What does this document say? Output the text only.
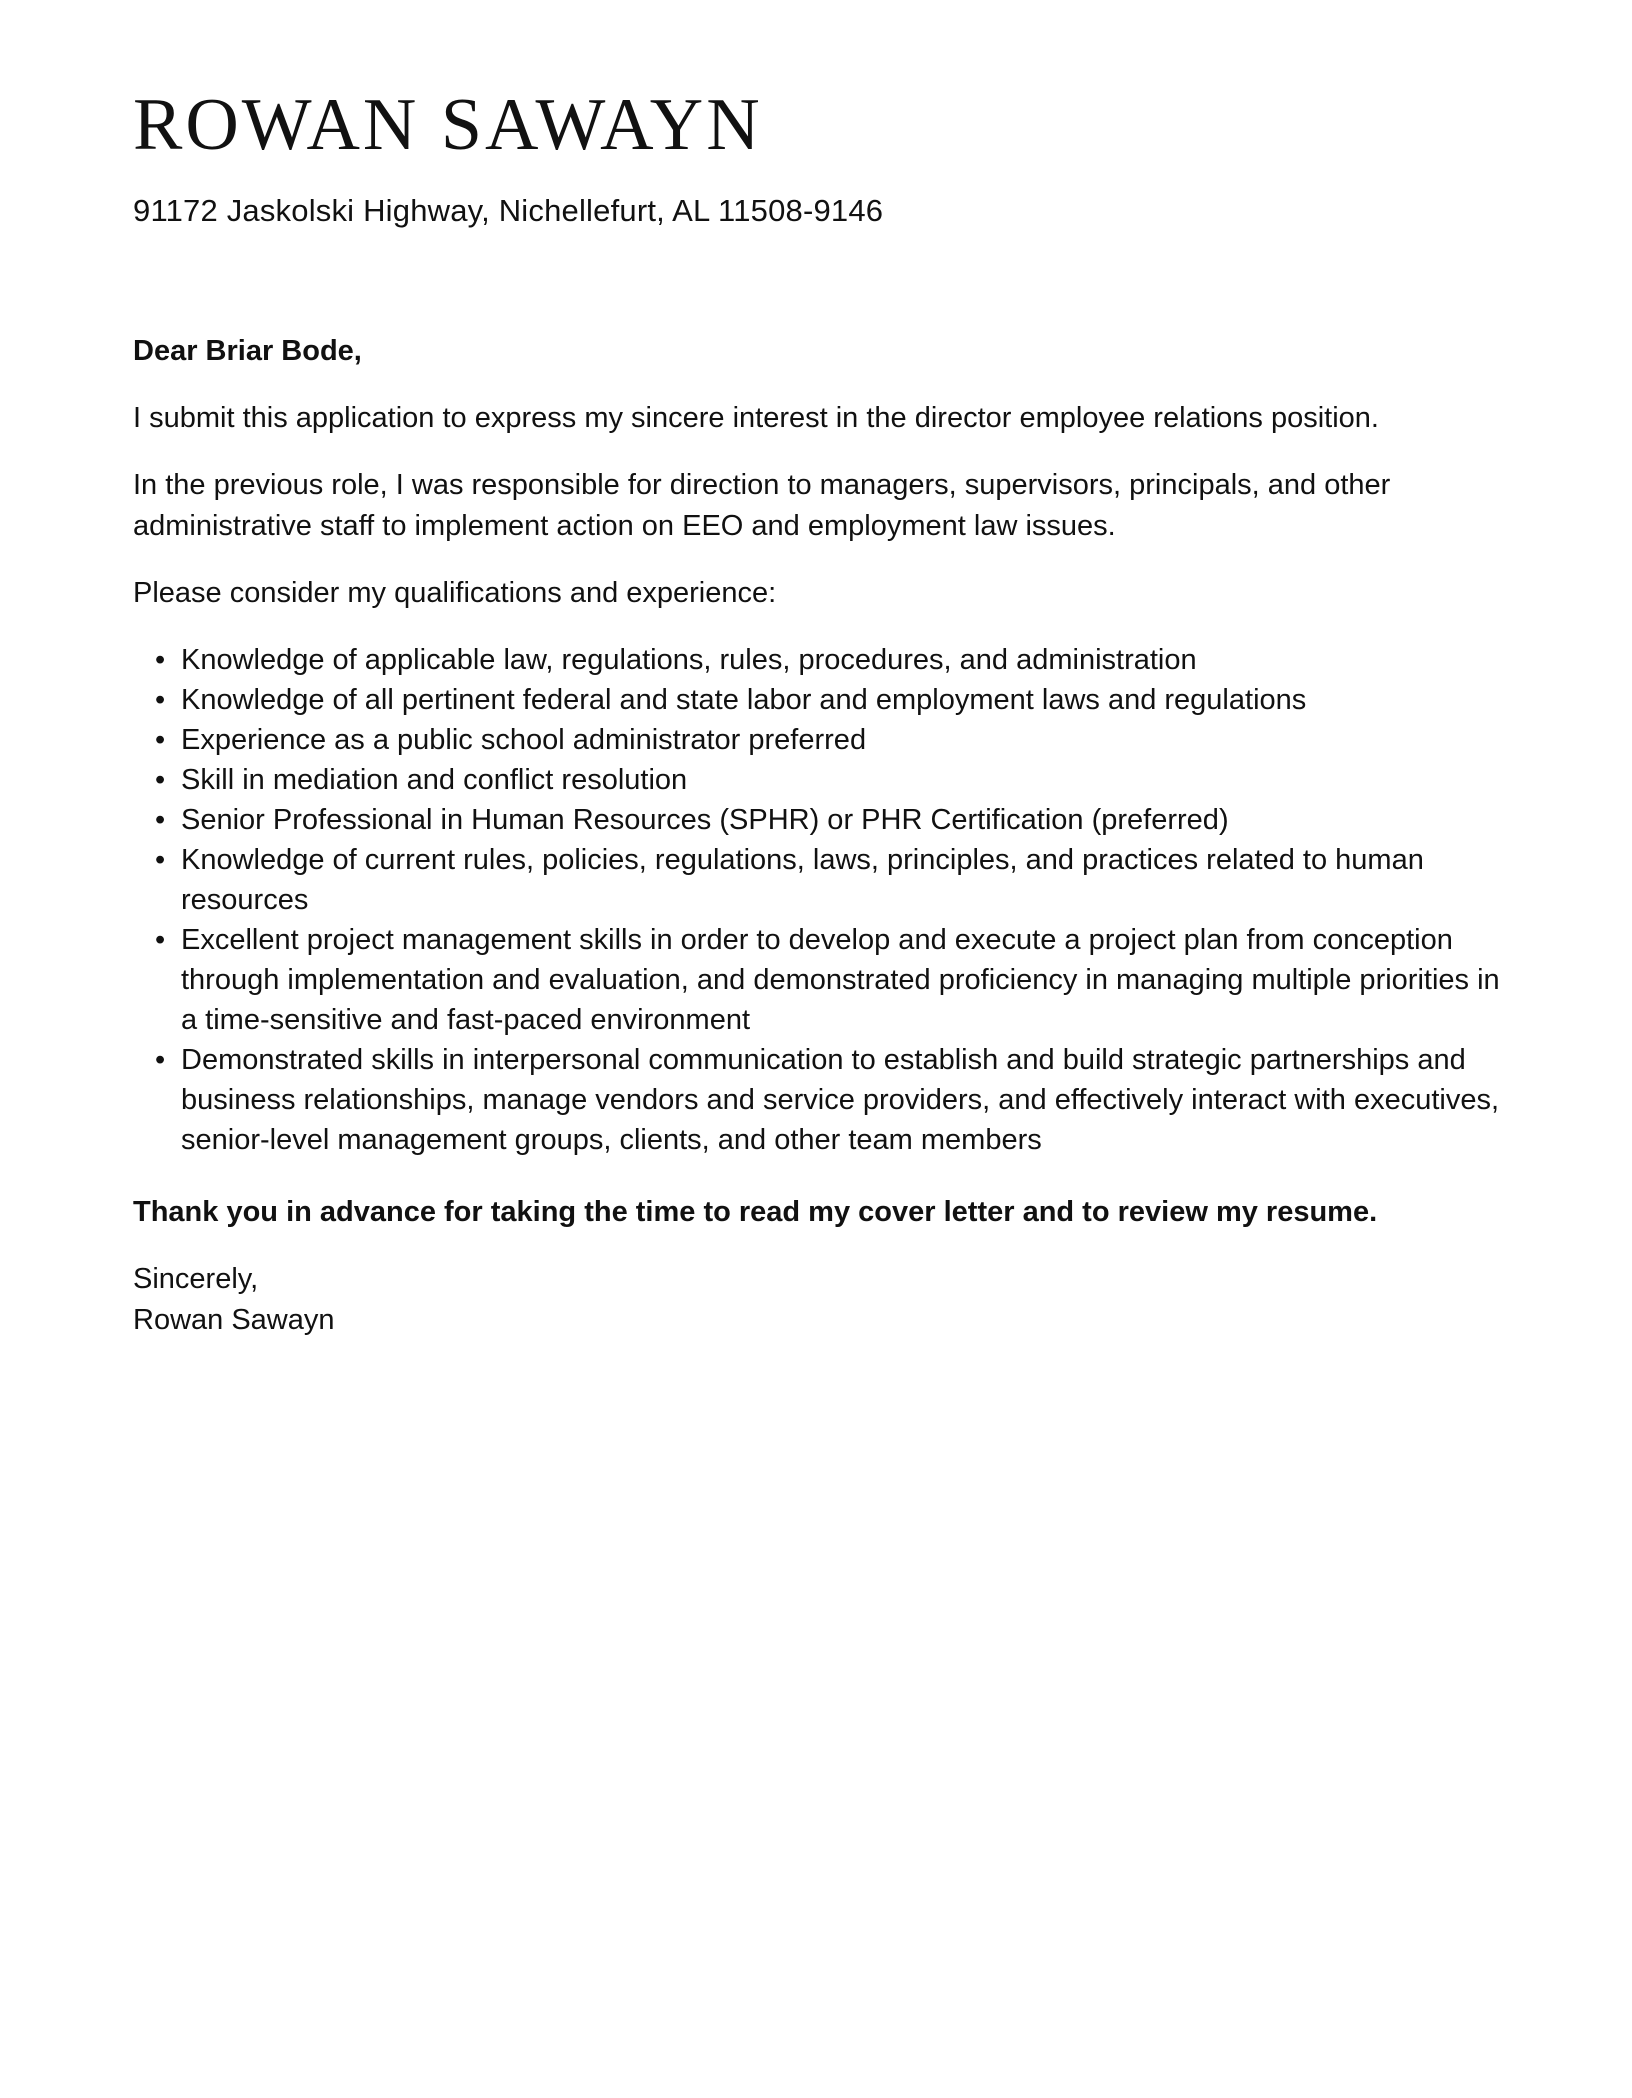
ROWAN SAWAYN
91172 Jaskolski Highway, Nichellefurt, AL 11508-9146

Dear Briar Bode,

I submit this application to express my sincere interest in the director employee relations position.

In the previous role, I was responsible for direction to managers, supervisors, principals, and other administrative staff to implement action on EEO and employment law issues.

Please consider my qualifications and experience:

• Knowledge of applicable law, regulations, rules, procedures, and administration
• Knowledge of all pertinent federal and state labor and employment laws and regulations
• Experience as a public school administrator preferred
• Skill in mediation and conflict resolution
• Senior Professional in Human Resources (SPHR) or PHR Certification (preferred)
• Knowledge of current rules, policies, regulations, laws, principles, and practices related to human resources
• Excellent project management skills in order to develop and execute a project plan from conception through implementation and evaluation, and demonstrated proficiency in managing multiple priorities in a time-sensitive and fast-paced environment
• Demonstrated skills in interpersonal communication to establish and build strategic partnerships and business relationships, manage vendors and service providers, and effectively interact with executives, senior-level management groups, clients, and other team members

Thank you in advance for taking the time to read my cover letter and to review my resume.

Sincerely,
Rowan Sawayn
